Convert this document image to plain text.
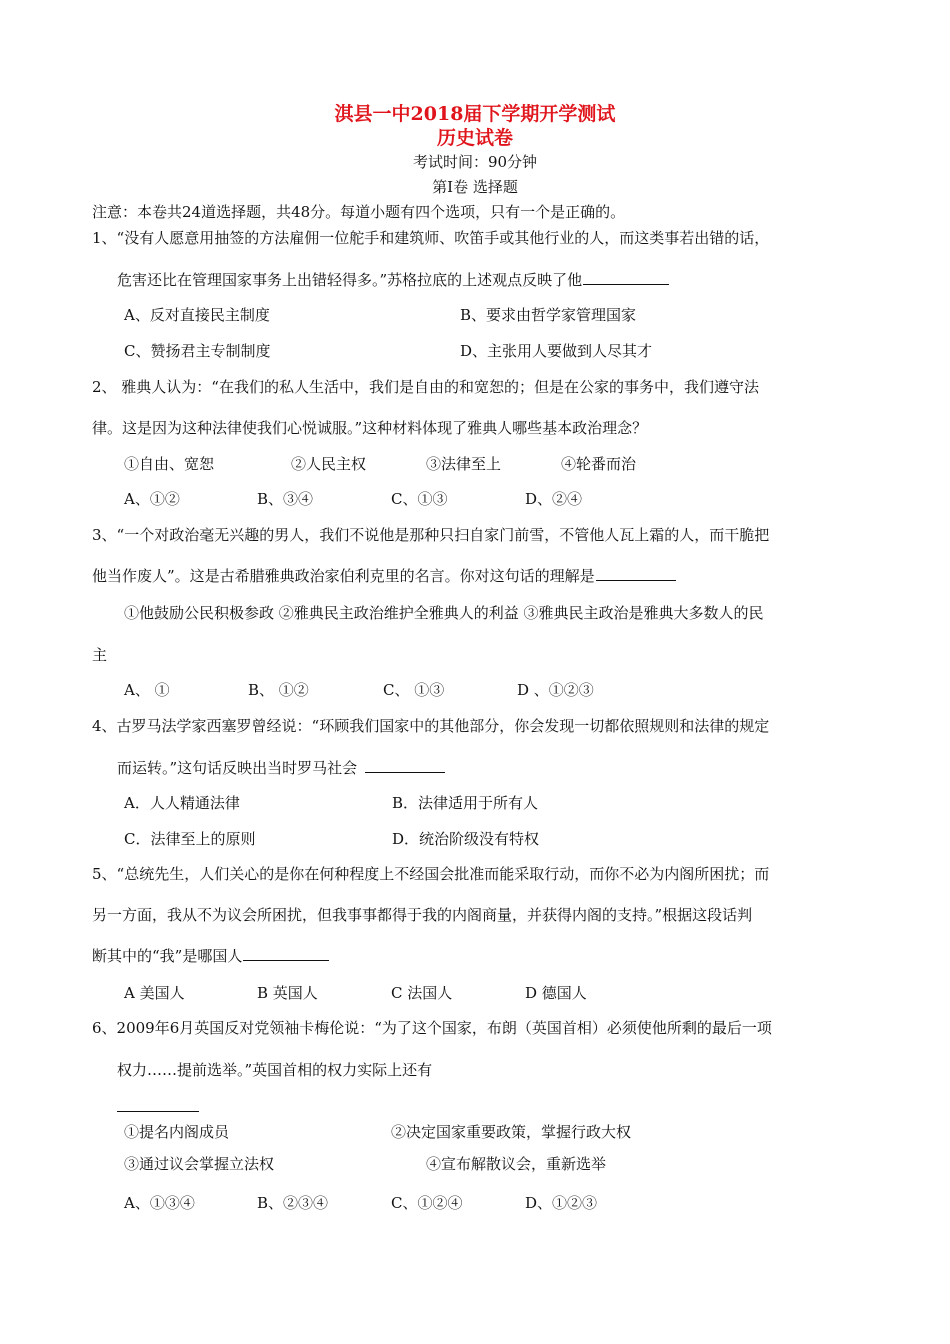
淇县一中2018届下学期开学测试
历史试卷
考试时间：90分钟
第Ⅰ卷 选择题
注意：本卷共24道选择题，共48分。每道小题有四个选项，只有一个是正确的。
1、“没有人愿意用抽签的方法雇佣一位舵手和建筑师、吹笛手或其他行业的人，而这类事若出错的话，
危害还比在管理国家事务上出错轻得多。”苏格拉底的上述观点反映了他
A、反对直接民主制度	B、要求由哲学家管理国家
C、赞扬君主专制制度	D、主张用人要做到人尽其才
2、 雅典人认为：“在我们的私人生活中，我们是自由的和宽恕的；但是在公家的事务中，我们遵守法
律。这是因为这种法律使我们心悦诚服。”这种材料体现了雅典人哪些基本政治理念？
①自由、宽恕	②人民主权	③法律至上	④轮番而治
A、①②	B、③④	C、①③	D、②④
3、“一个对政治毫无兴趣的男人，我们不说他是那种只扫自家门前雪，不管他人瓦上霜的人，而干脆把
他当作废人”。这是古希腊雅典政治家伯利克里的名言。你对这句话的理解是
①他鼓励公民积极参政 ②雅典民主政治维护全雅典人的利益 ③雅典民主政治是雅典大多数人的民
主
A、 ①	B、 ①②	C、 ①③	D 、①②③
4、古罗马法学家西塞罗曾经说：“环顾我们国家中的其他部分，你会发现一切都依照规则和法律的规定
而运转。”这句话反映出当时罗马社会
A．人人精通法律	B．法律适用于所有人
C．法律至上的原则	D．统治阶级没有特权
5、“总统先生，人们关心的是你在何种程度上不经国会批准而能采取行动，而你不必为内阁所困扰；而
另一方面，我从不为议会所困扰，但我事事都得于我的内阁商量，并获得内阁的支持。”根据这段话判
断其中的“我”是哪国人
A 美国人	B 英国人	C 法国人	D 德国人
6、2009年6月英国反对党领袖卡梅伦说：“为了这个国家，布朗（英国首相）必须使他所剩的最后一项
权力……提前选举。”英国首相的权力实际上还有
①提名内阁成员	②决定国家重要政策，掌握行政大权
③通过议会掌握立法权	④宣布解散议会，重新选举
A、①③④	B、②③④	C、①②④	D、①②③
